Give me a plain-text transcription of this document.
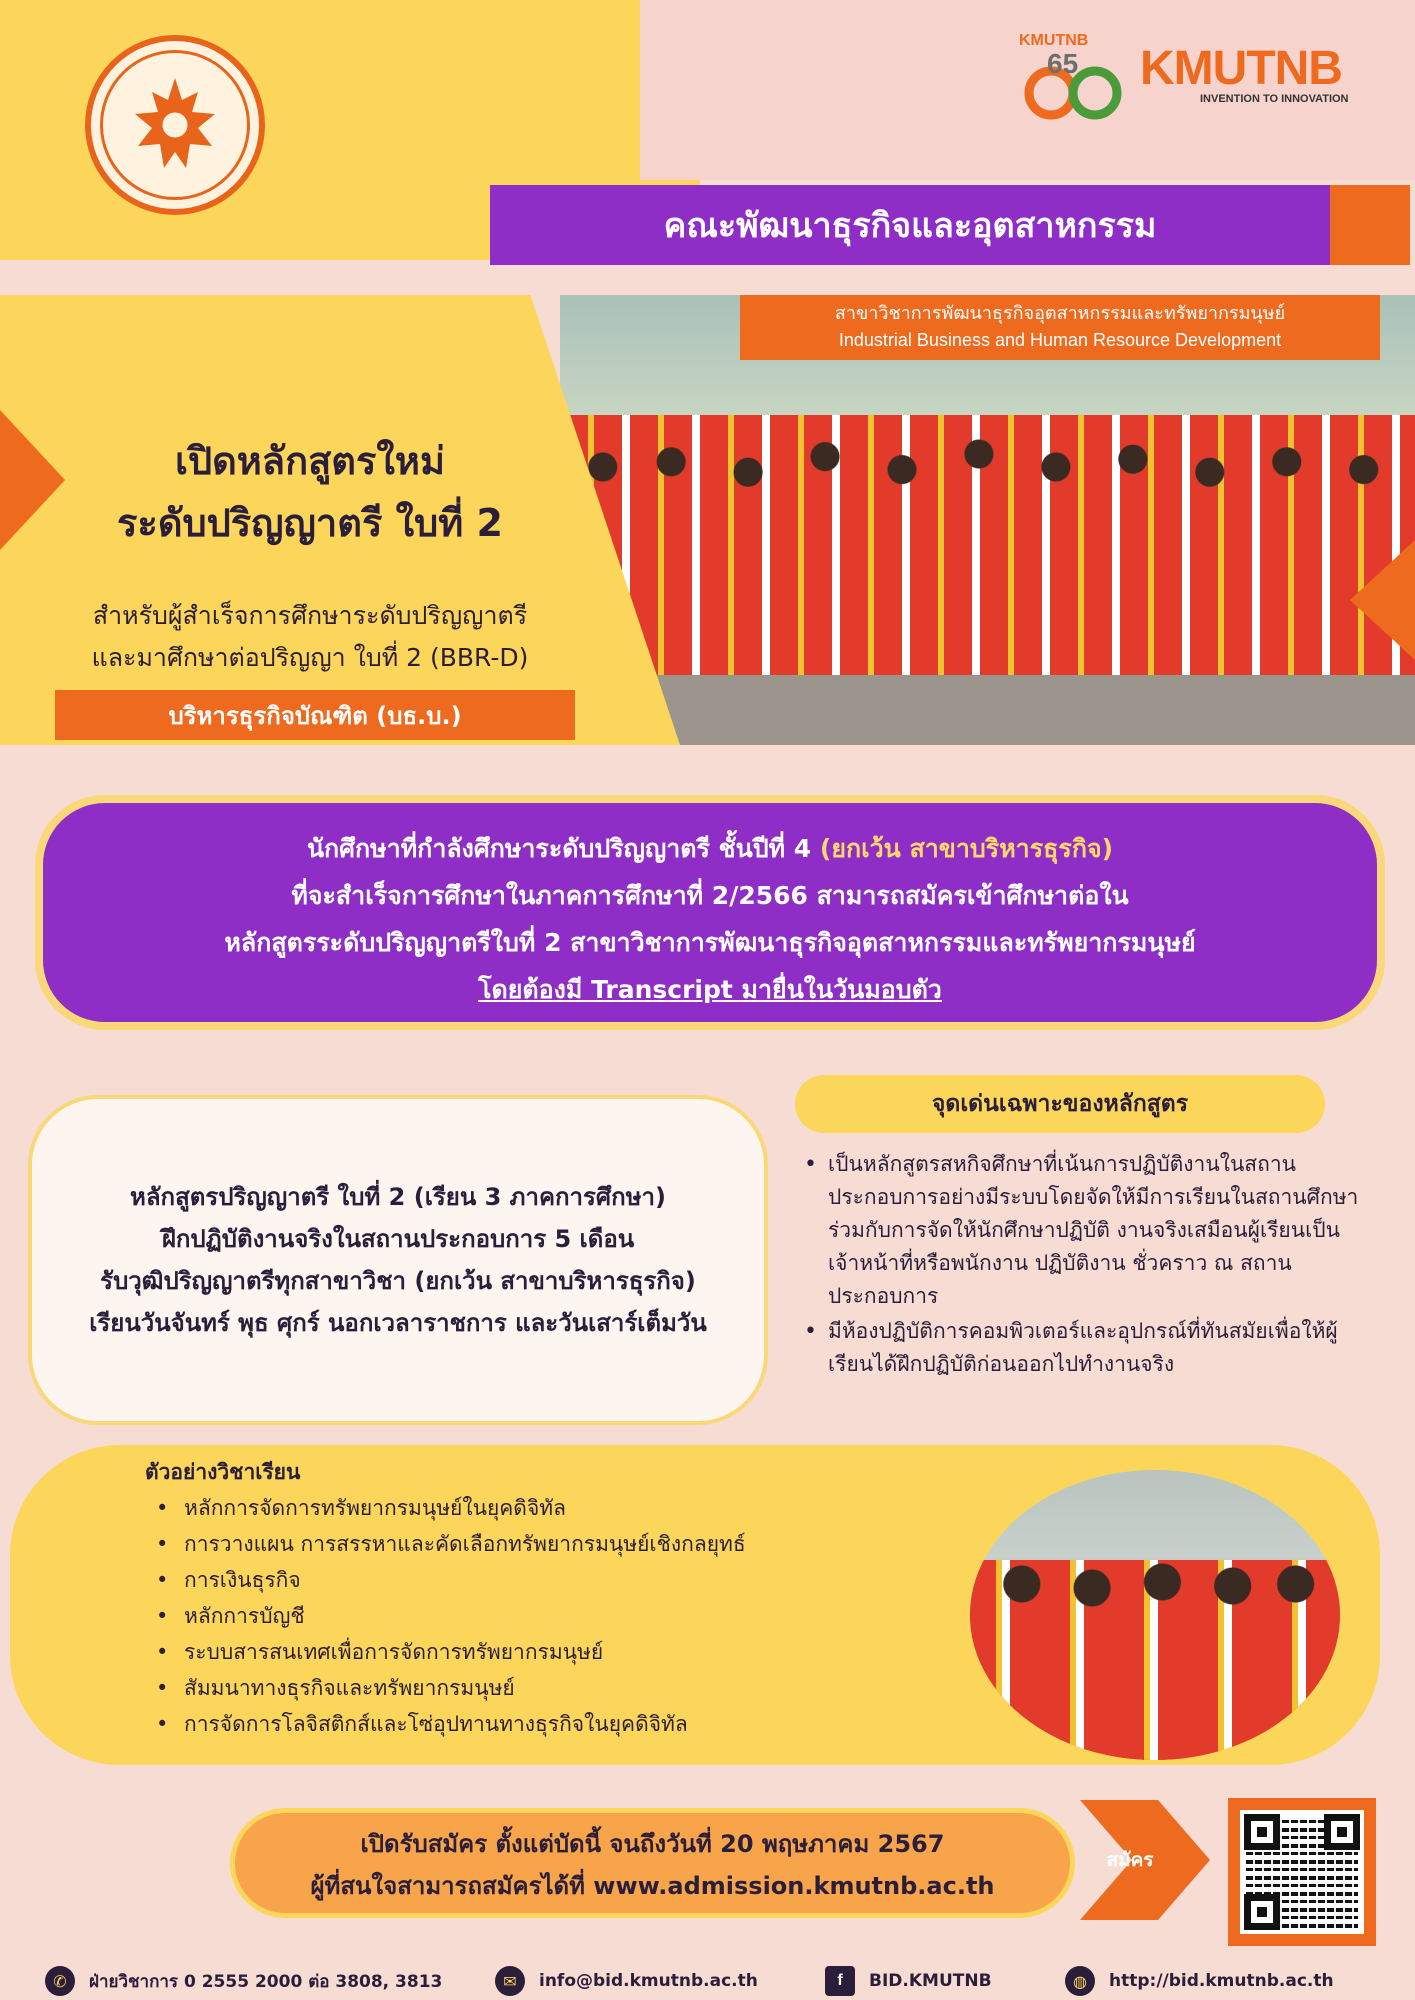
KMUTNB
65 KMUTNB
INVENTION TO INNOVATION
คณะพัฒนาธุรกิจและอุตสาหกรรม
สาขาวิชาการพัฒนาธุรกิจอุตสาหกรรมและทรัพยากรมนุษย์
Industrial Business and Human Resource Development
เปิดหลักสูตรใหม่
ระดับปริญญาตรี ใบที่ 2
สำหรับผู้สำเร็จการศึกษาระดับปริญญาตรี
และมาศึกษาต่อปริญญา ใบที่ 2 (BBR-D)
บริหารธุรกิจบัณฑิต (บธ.บ.)
นักศึกษาที่กำลังศึกษาระดับปริญญาตรี ชั้นปีที่ 4 (ยกเว้น สาขาบริหารธุรกิจ)
ที่จะสำเร็จการศึกษาในภาคการศึกษาที่ 2/2566 สามารถสมัครเข้าศึกษาต่อใน
หลักสูตรระดับปริญญาตรีใบที่ 2 สาขาวิชาการพัฒนาธุรกิจอุตสาหกรรมและทรัพยากรมนุษย์
โดยต้องมี Transcript มายื่นในวันมอบตัว
หลักสูตรปริญญาตรี ใบที่ 2 (เรียน 3 ภาคการศึกษา)
ฝึกปฏิบัติงานจริงในสถานประกอบการ 5 เดือน
รับวุฒิปริญญาตรีทุกสาขาวิชา (ยกเว้น สาขาบริหารธุรกิจ)
เรียนวันจันทร์ พุธ ศุกร์ นอกเวลาราชการ และวันเสาร์เต็มวัน
จุดเด่นเฉพาะของหลักสูตร
• เป็นหลักสูตรสหกิจศึกษาที่เน้นการปฏิบัติงานในสถานประกอบการอย่างมีระบบโดยจัดให้มีการเรียนในสถานศึกษาร่วมกับการจัดให้นักศึกษาปฏิบัติ งานจริงเสมือนผู้เรียนเป็นเจ้าหน้าที่หรือพนักงาน ปฏิบัติงาน ชั่วคราว ณ สถานประกอบการ
• มีห้องปฏิบัติการคอมพิวเตอร์และอุปกรณ์ที่ทันสมัยเพื่อให้ผู้เรียนได้ฝึกปฏิบัติก่อนออกไปทำงานจริง
ตัวอย่างวิชาเรียน
• หลักการจัดการทรัพยากรมนุษย์ในยุคดิจิทัล
• การวางแผน การสรรหาและคัดเลือกทรัพยากรมนุษย์เชิงกลยุทธ์
• การเงินธุรกิจ
• หลักการบัญชี
• ระบบสารสนเทศเพื่อการจัดการทรัพยากรมนุษย์
• สัมมนาทางธุรกิจและทรัพยากรมนุษย์
• การจัดการโลจิสติกส์และโซ่อุปทานทางธุรกิจในยุคดิจิทัล
เปิดรับสมัคร ตั้งแต่บัดนี้ จนถึงวันที่ 20 พฤษภาคม 2567
ผู้ที่สนใจสามารถสมัครได้ที่ www.admission.kmutnb.ac.th
สมัคร
✆	ฝ่ายวิชาการ 0 2555 2000 ต่อ 3808, 3813	✉	info@bid.kmutnb.ac.th	f	BID.KMUTNB	◍	http://bid.kmutnb.ac.th
